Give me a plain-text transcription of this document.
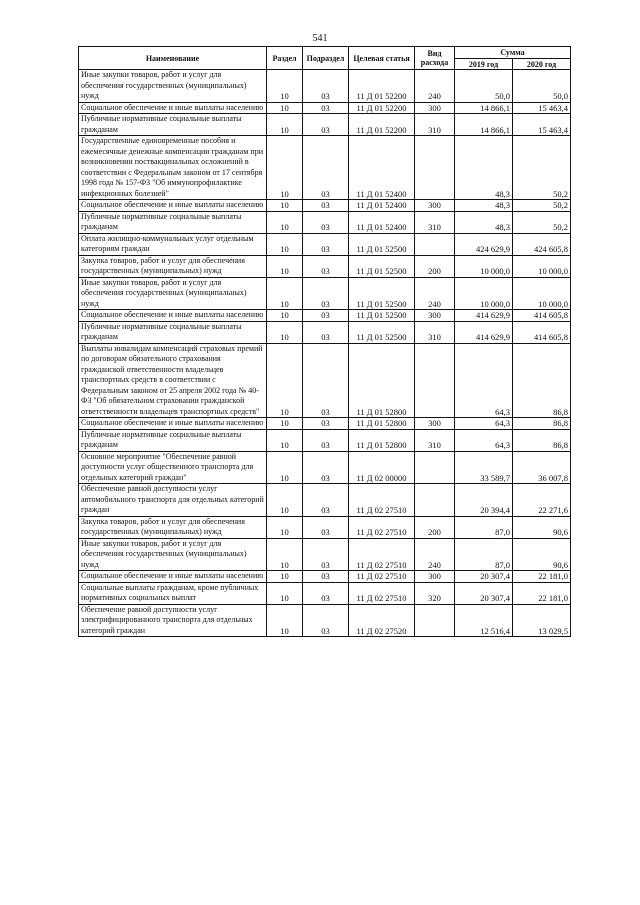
541
Наименование	Раздел	Подраздел	Целевая статья	Вид расхода	Сумма	
					2019 год	2020 год
Иные закупки товаров, работ и услуг для обеспечения государственных (муниципальных) нужд	10	03	11 Д 01 52200	240	50,0	50,0
Социальное обеспечение и иные выплаты населению	10	03	11 Д 01 52200	300	14 866,1	15 463,4
Публичные нормативные социальные выплаты гражданам	10	03	11 Д 01 52200	310	14 866,1	15 463,4
Государственные единовременные пособия и ежемесячные денежные компенсации гражданам при возникновении поствакцинальных осложнений в соответствии с Федеральным законом от 17 сентября 1998 года № 157-ФЗ "Об иммунопрофилактике инфекционных болезней"	10	03	11 Д 01 52400		48,3	50,2
Социальное обеспечение и иные выплаты населению	10	03	11 Д 01 52400	300	48,3	50,2
Публичные нормативные социальные выплаты гражданам	10	03	11 Д 01 52400	310	48,3	50,2
Оплата жилищно-коммунальных услуг отдельным категориям граждан	10	03	11 Д 01 52500		424 629,9	424 605,8
Закупка товаров, работ и услуг для обеспечения государственных (муниципальных) нужд	10	03	11 Д 01 52500	200	10 000,0	10 000,0
Иные закупки товаров, работ и услуг для обеспечения государственных (муниципальных) нужд	10	03	11 Д 01 52500	240	10 000,0	10 000,0
Социальное обеспечение и иные выплаты населению	10	03	11 Д 01 52500	300	414 629,9	414 605,8
Публичные нормативные социальные выплаты гражданам	10	03	11 Д 01 52500	310	414 629,9	414 605,8
Выплаты инвалидам компенсаций страховых премий по договорам обязательного страхования гражданской ответственности владельцев транспортных средств в соответствии с Федеральным законом от 25 апреля 2002 года № 40-ФЗ "Об обязательном страховании гражданской ответственности владельцев транспортных средств"	10	03	11 Д 01 52800		64,3	86,8
Социальное обеспечение и иные выплаты населению	10	03	11 Д 01 52800	300	64,3	86,8
Публичные нормативные социальные выплаты гражданам	10	03	11 Д 01 52800	310	64,3	86,8
Основное мероприятие "Обеспечение равной доступности услуг общественного транспорта для отдельных категорий граждан"	10	03	11 Д 02 00000		33 589,7	36 007,8
Обеспечение равной доступности услуг автомобильного транспорта для отдельных категорий граждан	10	03	11 Д 02 27510		20 394,4	22 271,6
Закупка товаров, работ и услуг для обеспечения государственных (муниципальных) нужд	10	03	11 Д 02 27510	200	87,0	90,6
Иные закупки товаров, работ и услуг для обеспечения государственных (муниципальных) нужд	10	03	11 Д 02 27510	240	87,0	90,6
Социальное обеспечение и иные выплаты населению	10	03	11 Д 02 27510	300	20 307,4	22 181,0
Социальные выплаты гражданам, кроме публичных нормативных социальных выплат	10	03	11 Д 02 27510	320	20 307,4	22 181,0
Обеспечение равной доступности услуг электрифицированного транспорта для отдельных категорий граждан	10	03	11 Д 02 27520		12 516,4	13 029,5
